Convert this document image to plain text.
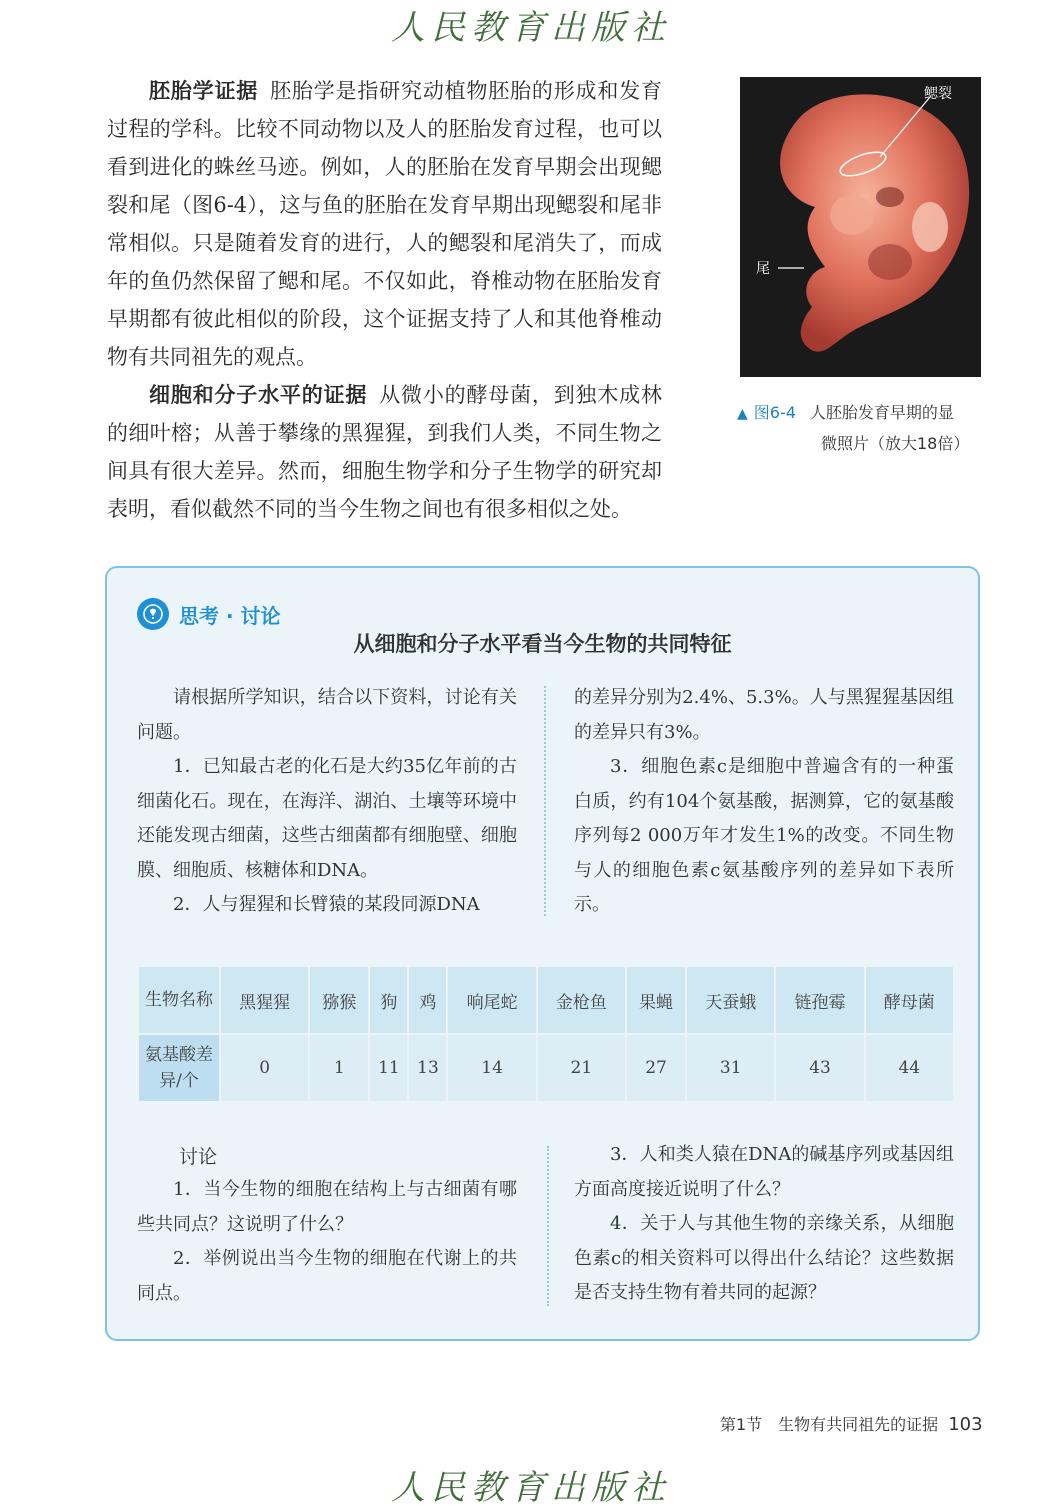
人民教育出版社

胚胎学证据 胚胎学是指研究动植物胚胎的形成和发育过程的学科。比较不同动物以及人的胚胎发育过程，也可以看到进化的蛛丝马迹。例如，人的胚胎在发育早期会出现鳃裂和尾（图6-4），这与鱼的胚胎在发育早期出现鳃裂和尾非常相似。只是随着发育的进行，人的鳃裂和尾消失了，而成年的鱼仍然保留了鳃和尾。不仅如此，脊椎动物在胚胎发育早期都有彼此相似的阶段，这个证据支持了人和其他脊椎动物有共同祖先的观点。

细胞和分子水平的证据 从微小的酵母菌，到独木成林的细叶榕；从善于攀缘的黑猩猩，到我们人类，不同生物之间具有很大差异。然而，细胞生物学和分子生物学的研究却表明，看似截然不同的当今生物之间也有很多相似之处。

鳃裂
尾
▲ 图6-4 人胚胎发育早期的显
微照片（放大18倍）
思考 · 讨论
从细胞和分子水平看当今生物的共同特征

请根据所学知识，结合以下资料，讨论有关问题。

1．已知最古老的化石是大约35亿年前的古细菌化石。现在，在海洋、湖泊、土壤等环境中还能发现古细菌，这些古细菌都有细胞壁、细胞膜、细胞质、核糖体和DNA。

2．人与猩猩和长臂猿的某段同源DNA

的差异分别为2.4%、5.3%。人与黑猩猩基因组的差异只有3%。

3．细胞色素c是细胞中普遍含有的一种蛋白质，约有104个氨基酸，据测算，它的氨基酸序列每2 000万年才发生1%的改变。不同生物与人的细胞色素c氨基酸序列的差异如下表所示。

生物名称	黑猩猩	猕猴	狗	鸡	响尾蛇	金枪鱼	果蝇	天蚕蛾	链孢霉	酵母菌
氨基酸差异/个	0	1	11	13	14	21	27	31	43	44
讨论

1．当今生物的细胞在结构上与古细菌有哪些共同点？这说明了什么？

2．举例说出当今生物的细胞在代谢上的共同点。

3．人和类人猿在DNA的碱基序列或基因组方面高度接近说明了什么？

4．关于人与其他生物的亲缘关系，从细胞色素c的相关资料可以得出什么结论？这些数据是否支持生物有着共同的起源？

第1节　生物有共同祖先的证据 103
人民教育出版社
